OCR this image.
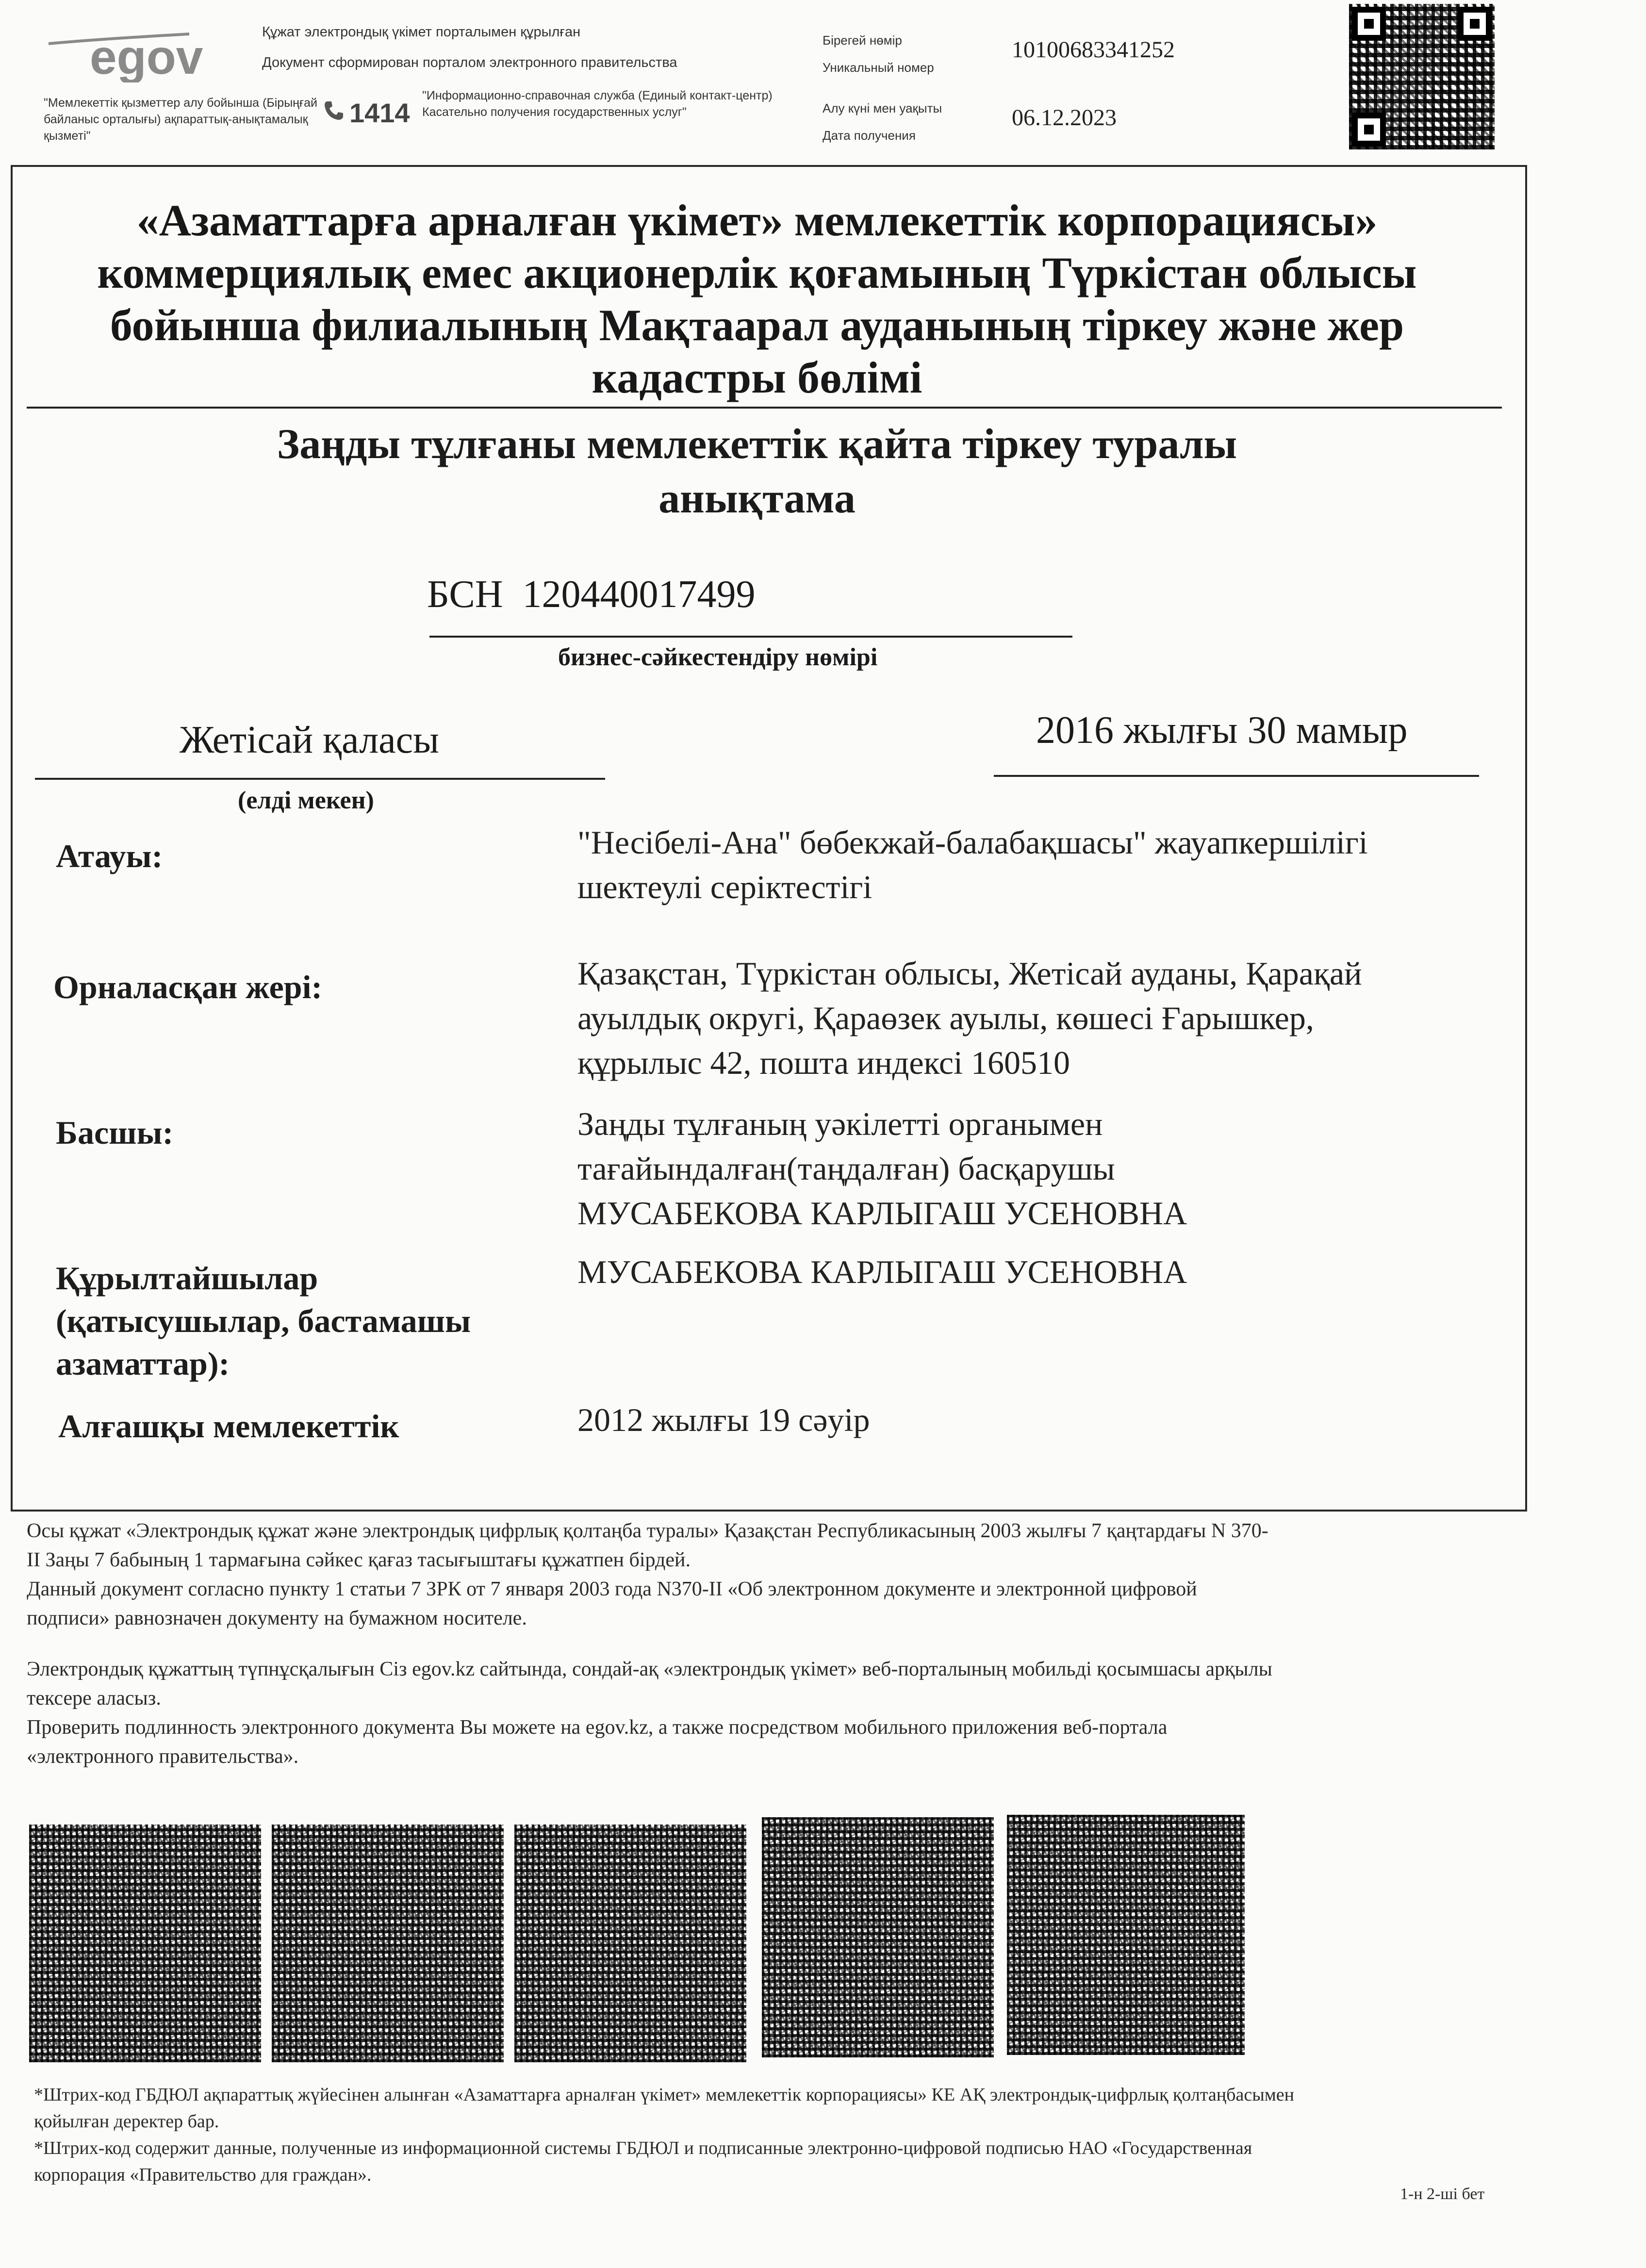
egov	Құжат электрондық үкімет порталымен құрылған
Документ сформирован порталом электронного правительства
"Мемлекеттік қызметтер алу бойынша (Бірыңғай байланыс орталығы) ақпараттық-анықтамалық қызметі"
1414
"Информационно-справочная служба (Единый контакт-центр) Касательно получения государственных услуг"
Бірегей нөмір
Уникальный номер
10100683341252
Алу күні мен уақыты
Дата получения
06.12.2023
«Азаматтарға арналған үкімет» мемлекеттік корпорациясы»
коммерциялық емес акционерлік қоғамының Түркістан облысы
бойынша филиалының Мақтаарал ауданының тіркеу және жер
кадастры бөлімі
Заңды тұлғаны мемлекеттік қайта тіркеу туралы
анықтама
БСН 120440017499
бизнес-сәйкестендіру нөмірі
Жетісай қаласы
(елді мекен)
2016 жылғы 30 мамыр
Атауы:	"Несібелі-Ана" бөбекжай-балабақшасы" жауапкершілігі
шектеулі серіктестігі
Орналасқан жері:	Қазақстан, Түркістан облысы, Жетісай ауданы, Қарақай
ауылдық округі, Қараөзек ауылы, көшесі Ғарышкер,
құрылыс 42, пошта индексі 160510
Басшы:	Заңды тұлғаның уәкілетті органымен
тағайындалған(таңдалған) басқарушы
МУСАБЕКОВА КАРЛЫГАШ УСЕНОВНА
Құрылтайшылар
(қатысушылар, бастамашы
азаматтар):
МУСАБЕКОВА КАРЛЫГАШ УСЕНОВНА
Алғашқы мемлекеттік	2012 жылғы 19 сәуір
Осы құжат «Электрондық құжат және электрондық цифрлық қолтаңба туралы» Қазақстан Республикасының 2003 жылғы 7 қаңтардағы N 370-
II Заңы 7 бабының 1 тармағына сәйкес қағаз тасығыштағы құжатпен бірдей.
Данный документ согласно пункту 1 статьи 7 ЗРК от 7 января 2003 года N370-II «Об электронном документе и электронной цифровой
подписи» равнозначен документу на бумажном носителе.
Электрондық құжаттың түпнұсқалығын Сіз egov.kz сайтында, сондай-ақ «электрондық үкімет» веб-порталының мобильді қосымшасы арқылы
тексере аласыз.
Проверить подлинность электронного документа Вы можете на egov.kz, а также посредством мобильного приложения веб-портала
«электронного правительства».
*Штрих-код ГБДЮЛ ақпараттық жүйесінен алынған «Азаматтарға арналған үкімет» мемлекеттік корпорациясы» КЕ АҚ электрондық-цифрлық қолтаңбасымен
қойылған деректер бар.
*Штрих-код содержит данные, полученные из информационной системы ГБДЮЛ и подписанные электронно-цифровой подписью НАО «Государственная
корпорация «Правительство для граждан».
1-н 2-ші бет
